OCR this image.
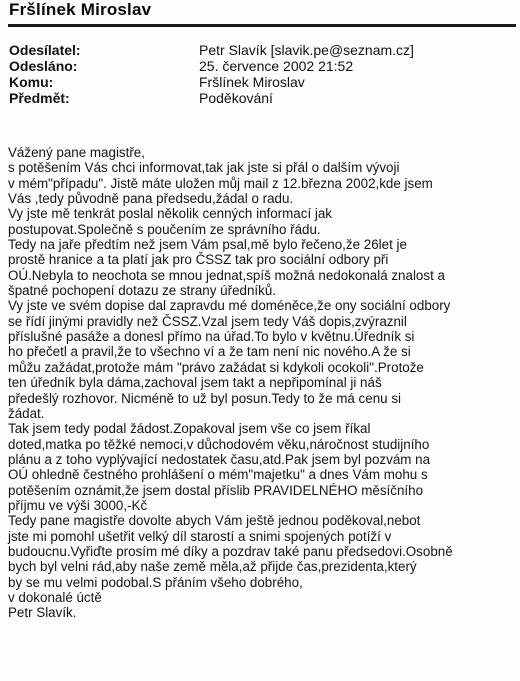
Fršlínek Miroslav
Odesílatel:	Petr Slavík [slavik.pe@seznam.cz]
Odesláno:	25. července 2002 21:52
Komu:	Fršlínek Miroslav
Předmět:	Poděkování
Vážený pane magistře,
s potěšením Vás chci informovat,tak jak jste si přál o dalším vývoji
v mém"případu". Jistě máte uložen můj mail z 12.března 2002,kde jsem
Vás ,tedy původně pana předsedu,žádal o radu.
Vy jste mě tenkrát poslal několik cenných informací jak
postupovat.Společně s poučením ze správního řádu.
Tedy na jaře předtím než jsem Vám psal,mě bylo řečeno,že 26let je
prostě hranice a ta platí jak pro ČSSZ tak pro sociální odbory při
OÚ.Nebyla to neochota se mnou jednat,spíš možná nedokonalá znalost a
špatné pochopení dotazu ze strany úředníků.
Vy jste ve svém dopise dal zapravdu mé doméněce,že ony sociální odbory
se řídí jinými pravidly než ČSSZ.Vzal jsem tedy Váš dopis,zvýraznil
příslušné pasáže a donesl přímo na úřad.To bylo v květnu.Úředník si
ho přečetl a pravil,že to všechno ví a že tam není nic nového.A že si
můžu zažádat,protože mám "právo zažádat si kdykoli ocokoli".Protože
ten úředník byla dáma,zachoval jsem takt a nepřipomínal ji náš
předešlý rozhovor. Nicméně to už byl posun.Tedy to že má cenu si
žádat.
Tak jsem tedy podal žádost.Zopakoval jsem vše co jsem říkal
doted,matka po těžké nemoci,v důchodovém věku,náročnost studijního
plánu a z toho vyplývající nedostatek času,atd.Pak jsem byl pozvám na
OÚ ohledně čestného prohlášení o mém"majetku" a dnes Vám mohu s
potěšením oznámit,že jsem dostal příslib PRAVIDELNÉHO měsíčního
příjmu ve výši 3000,-Kč
Tedy pane magistře dovolte abych Vám ještě jednou poděkoval,nebot
jste mi pomohl ušetřit velký díl starostí a snimi spojených potíží v
budoucnu.Vyřiďte prosím mé díky a pozdrav také panu předsedovi.Osobně
bych byl velni rád,aby naše země měla,až přijde čas,prezidenta,který
by se mu velmi podobal.S přáním všeho dobrého,
v dokonalé úctě
Petr Slavík.
